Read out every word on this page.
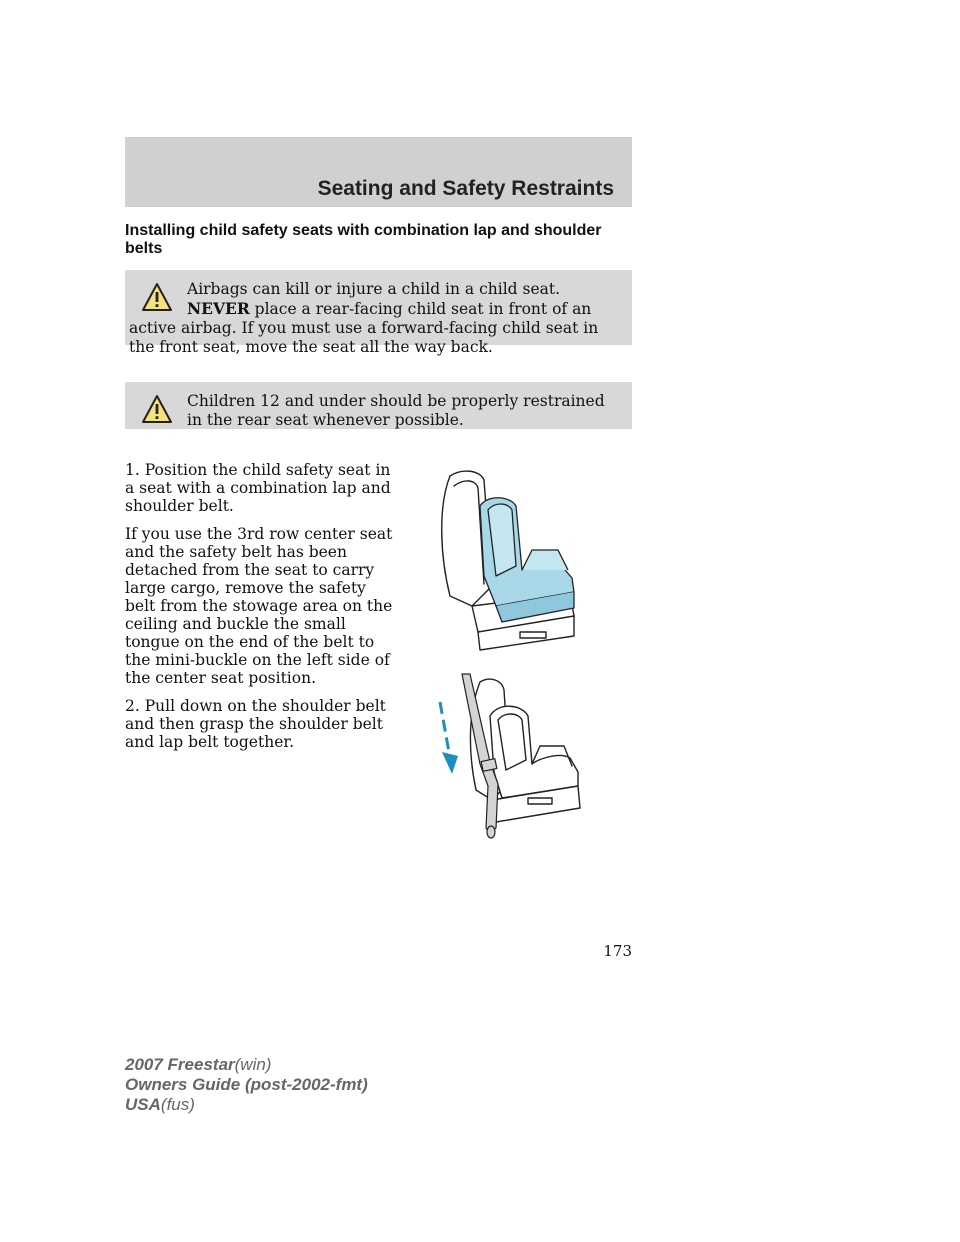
Seating and Safety Restraints
Installing child safety seats with combination lap and shoulder belts
Airbags can kill or injure a child in a child seat. NEVER place a rear-facing child seat in front of an active airbag. If you must use a forward-facing child seat in the front seat, move the seat all the way back.
Children 12 and under should be properly restrained in the rear seat whenever possible.

1. Position the child safety seat in a seat with a combination lap and shoulder belt.

If you use the 3rd row center seat and the safety belt has been detached from the seat to carry large cargo, remove the safety belt from the stowage area on the ceiling and buckle the small tongue on the end of the belt to the mini-buckle on the left side of the center seat position.

2. Pull down on the shoulder belt and then grasp the shoulder belt and lap belt together.

173
2007 Freestar(win)
Owners Guide (post-2002-fmt)
USA(fus)
